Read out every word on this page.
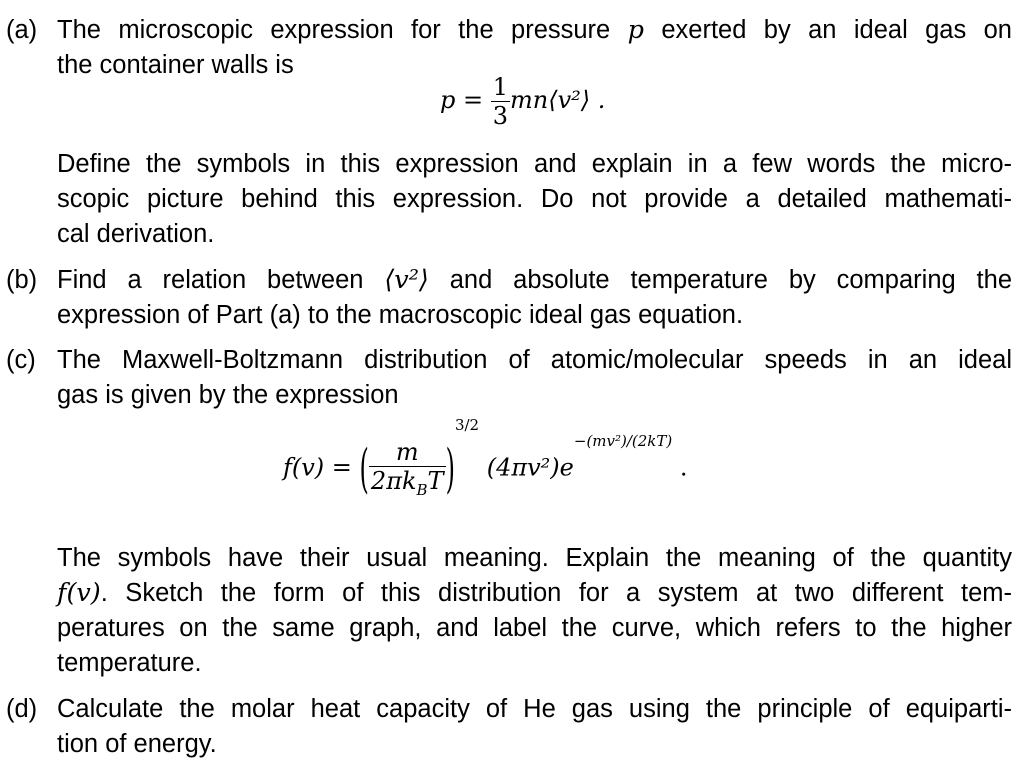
(a) The microscopic expression for the pressure p exerted by an ideal gas on
the container walls is
$p = \frac{1}{3}$ mn⟨v²⟩ .
Define the symbols in this expression and explain in a few words the micro-
scopic picture behind this expression. Do not provide a detailed mathemati-
cal derivation.
(b) Find a relation between ⟨v²⟩ and absolute temperature by comparing the
expression of Part (a) to the macroscopic ideal gas equation.
(c) The Maxwell-Boltzmann distribution of atomic/molecular speeds in an ideal
gas is given by the expression
f(v) = ( $\frac{m}{2\pi k_BT} )^{3/2}$ $(4\pi v^2)e^{-(mv^2)/(2kT)}$ .
The symbols have their usual meaning. Explain the meaning of the quantity
f(v). Sketch the form of this distribution for a system at two different tem-
peratures on the same graph, and label the curve, which refers to the higher
temperature.
(d) Calculate the molar heat capacity of He gas using the principle of equiparti-
tion of energy.
